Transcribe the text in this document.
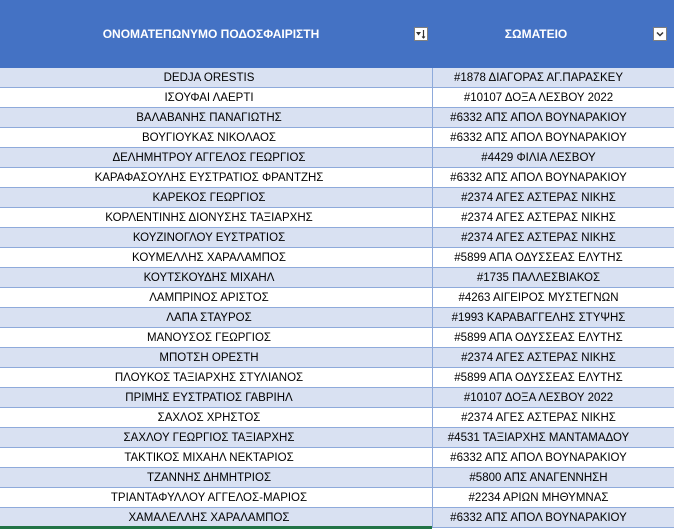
ΟΝΟΜΑΤΕΠΩΝΥΜΟ ΠΟΔΟΣΦΑΙΡΙΣΤΗ	ΣΩΜΑΤΕΙΟ
DEDJA ORESTIS	#1878 ΔΙΑΓΟΡΑΣ ΑΓ.ΠΑΡΑΣΚΕΥ
ΙΣΟΥΦΑΙ ΛΑΕΡΤΙ	#10107 ΔΟΞΑ ΛΕΣΒΟΥ 2022
ΒΑΛΑΒΑΝΗΣ ΠΑΝΑΓΙΩΤΗΣ	#6332 ΑΠΣ ΑΠΟΛ ΒΟΥΝΑΡΑΚΙΟΥ
ΒΟΥΓΙΟΥΚΑΣ ΝΙΚΟΛΑΟΣ	#6332 ΑΠΣ ΑΠΟΛ ΒΟΥΝΑΡΑΚΙΟΥ
ΔΕΛΗΜΗΤΡΟΥ ΑΓΓΕΛΟΣ ΓΕΩΡΓΙΟΣ	#4429 ΦΙΛΙΑ ΛΕΣΒΟΥ
ΚΑΡΑΦΑΣΟΥΛΗΣ ΕΥΣΤΡΑΤΙΟΣ ΦΡΑΝΤΖΗΣ	#6332 ΑΠΣ ΑΠΟΛ ΒΟΥΝΑΡΑΚΙΟΥ
ΚΑΡΕΚΟΣ ΓΕΩΡΓΙΟΣ	#2374 ΑΓΕΣ ΑΣΤΕΡΑΣ ΝΙΚΗΣ
ΚΟΡΛΕΝΤΙΝΗΣ ΔΙΟΝΥΣΗΣ ΤΑΞΙΑΡΧΗΣ	#2374 ΑΓΕΣ ΑΣΤΕΡΑΣ ΝΙΚΗΣ
ΚΟΥΖΙΝΟΓΛΟΥ ΕΥΣΤΡΑΤΙΟΣ	#2374 ΑΓΕΣ ΑΣΤΕΡΑΣ ΝΙΚΗΣ
ΚΟΥΜΕΛΛΗΣ ΧΑΡΑΛΑΜΠΟΣ	#5899 ΑΠΑ ΟΔΥΣΣΕΑΣ ΕΛΥΤΗΣ
ΚΟΥΤΣΚΟΥΔΗΣ ΜΙΧΑΗΛ	#1735 ΠΑΛΛΕΣΒΙΑΚΟΣ
ΛΑΜΠΡΙΝΟΣ ΑΡΙΣΤΟΣ	#4263 ΑΙΓΕΙΡΟΣ ΜΥΣΤΕΓΝΩΝ
ΛΑΠΑ ΣΤΑΥΡΟΣ	#1993 ΚΑΡΑΒΑΓΓΕΛΗΣ ΣΤΥΨΗΣ
ΜΑΝΟΥΣΟΣ ΓΕΩΡΓΙΟΣ	#5899 ΑΠΑ ΟΔΥΣΣΕΑΣ ΕΛΥΤΗΣ
ΜΠΟΤΣΗ ΟΡΕΣΤΗ	#2374 ΑΓΕΣ ΑΣΤΕΡΑΣ ΝΙΚΗΣ
ΠΛΟΥΚΟΣ ΤΑΞΙΑΡΧΗΣ ΣΤΥΛΙΑΝΟΣ	#5899 ΑΠΑ ΟΔΥΣΣΕΑΣ ΕΛΥΤΗΣ
ΠΡΙΜΗΣ ΕΥΣΤΡΑΤΙΟΣ ΓΑΒΡΙΗΛ	#10107 ΔΟΞΑ ΛΕΣΒΟΥ 2022
ΣΑΧΛΟΣ ΧΡΗΣΤΟΣ	#2374 ΑΓΕΣ ΑΣΤΕΡΑΣ ΝΙΚΗΣ
ΣΑΧΛΟΥ ΓΕΩΡΓΙΟΣ ΤΑΞΙΑΡΧΗΣ	#4531 ΤΑΞΙΑΡΧΗΣ ΜΑΝΤΑΜΑΔΟΥ
ΤΑΚΤΙΚΟΣ ΜΙΧΑΗΛ ΝΕΚΤΑΡΙΟΣ	#6332 ΑΠΣ ΑΠΟΛ ΒΟΥΝΑΡΑΚΙΟΥ
ΤΖΑΝΝΗΣ ΔΗΜΗΤΡΙΟΣ	#5800 ΑΠΣ ΑΝΑΓΕΝΝΗΣΗ
ΤΡΙΑΝΤΑΦΥΛΛΟΥ ΑΓΓΕΛΟΣ-ΜΑΡΙΟΣ	#2234 ΑΡΙΩΝ ΜΗΘΥΜΝΑΣ
ΧΑΜΑΛΕΛΛΗΣ ΧΑΡΑΛΑΜΠΟΣ	#6332 ΑΠΣ ΑΠΟΛ ΒΟΥΝΑΡΑΚΙΟΥ
